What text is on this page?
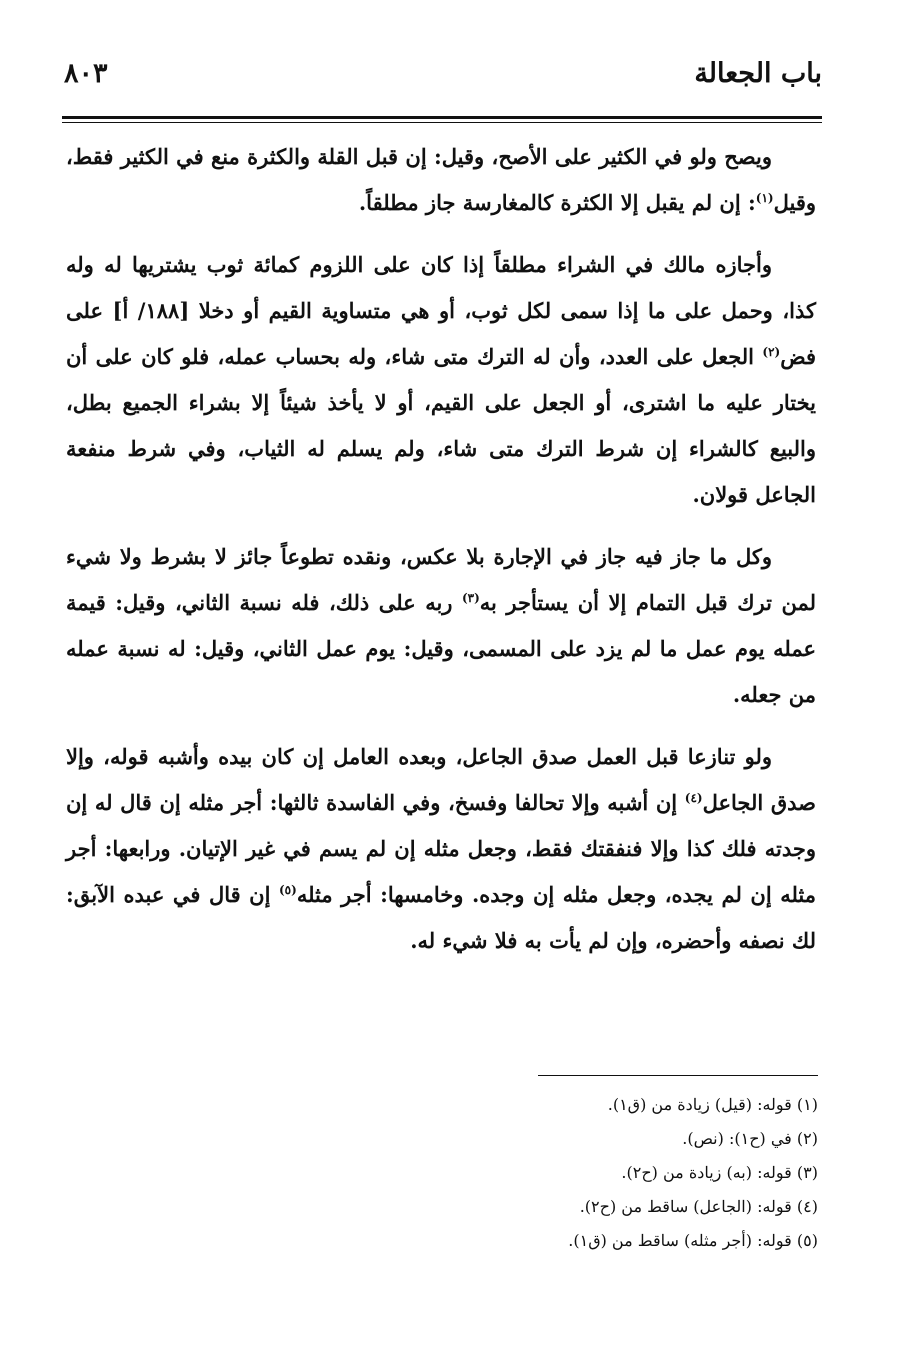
باب الجعالة
٨٠٣

ويصح ولو في الكثير على الأصح، وقيل: إن قبل القلة والكثرة منع في الكثير فقط، وقيل$^{(١)}$: إن لم يقبل إلا الكثرة كالمغارسة جاز مطلقاً.

وأجازه مالك في الشراء مطلقاً إذا كان على اللزوم كمائة ثوب يشتريها له وله كذا، وحمل على ما إذا سمى لكل ثوب، أو هي متساوية القيم أو دخلا [١٨٨/ أ] على فض$^{(٢)}$ الجعل على العدد، وأن له الترك متى شاء، وله بحساب عمله، فلو كان على أن يختار عليه ما اشترى، أو الجعل على القيم، أو لا يأخذ شيئاً إلا بشراء الجميع بطل، والبيع كالشراء إن شرط الترك متى شاء، ولم يسلم له الثياب، وفي شرط منفعة الجاعل قولان.

وكل ما جاز فيه جاز في الإجارة بلا عكس، ونقده تطوعاً جائز لا بشرط ولا شيء لمن ترك قبل التمام إلا أن يستأجر به$^{(٣)}$ ربه على ذلك، فله نسبة الثاني، وقيل: قيمة عمله يوم عمل ما لم يزد على المسمى، وقيل: يوم عمل الثاني، وقيل: له نسبة عمله من جعله.

ولو تنازعا قبل العمل صدق الجاعل، وبعده العامل إن كان بيده وأشبه قوله، وإلا صدق الجاعل$^{(٤)}$ إن أشبه وإلا تحالفا وفسخ، وفي الفاسدة ثالثها: أجر مثله إن قال له إن وجدته فلك كذا وإلا فنفقتك فقط، وجعل مثله إن لم يسم في غير الإتيان. ورابعها: أجر مثله إن لم يجده، وجعل مثله إن وجده. وخامسها: أجر مثله$^{(٥)}$ إن قال في عبده الآبق: لك نصفه وأحضره، وإن لم يأت به فلا شيء له.

(١) قوله: (قيل) زيادة من (ق١).

(٢) في (ح١): (نص).

(٣) قوله: (به) زيادة من (ح٢).

(٤) قوله: (الجاعل) ساقط من (ح٢).

(٥) قوله: (أجر مثله) ساقط من (ق١).
